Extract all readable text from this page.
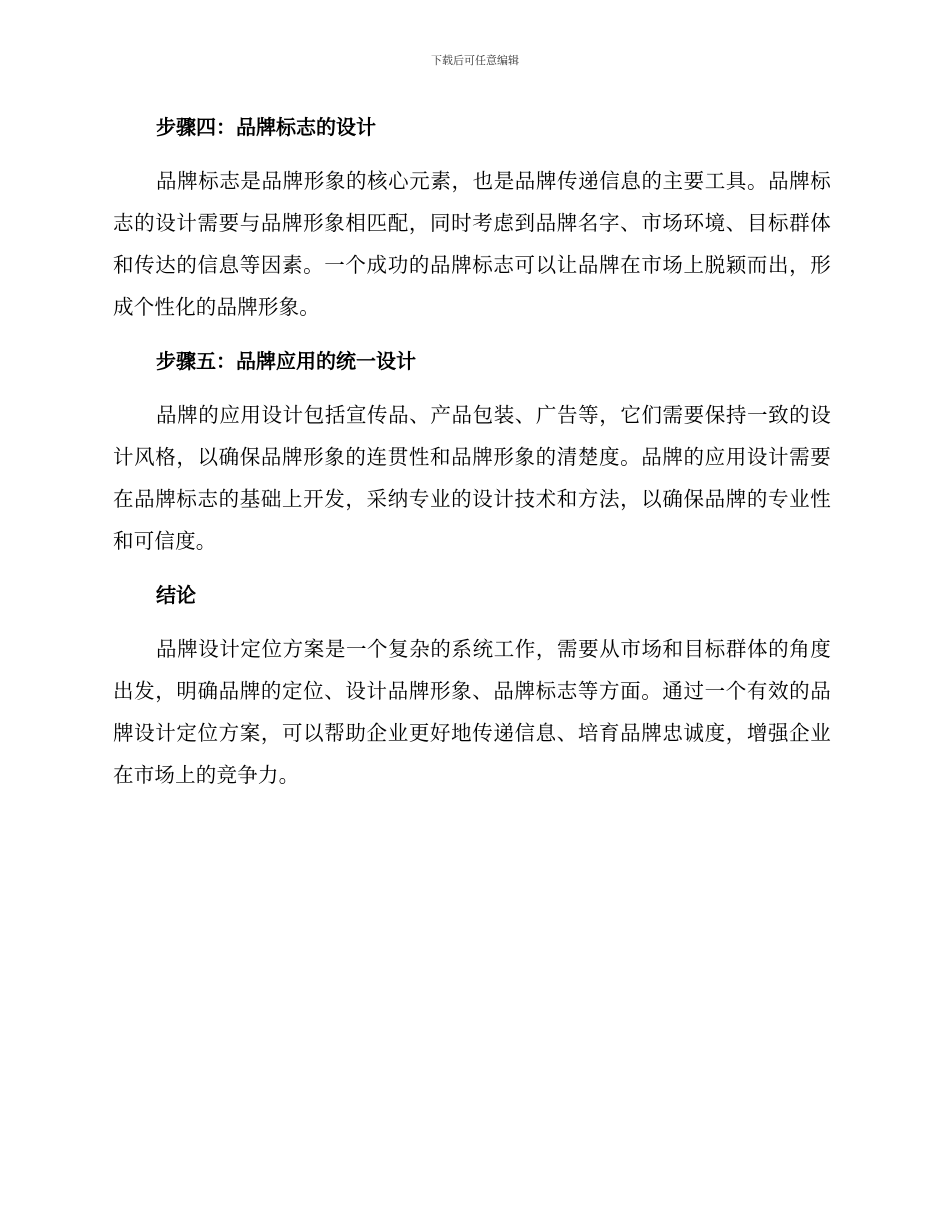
下载后可任意编辑
步骤四：品牌标志的设计

品牌标志是品牌形象的核心元素，也是品牌传递信息的主要工具。品牌标志的设计需要与品牌形象相匹配，同时考虑到品牌名字、市场环境、目标群体和传达的信息等因素。一个成功的品牌标志可以让品牌在市场上脱颖而出，形成个性化的品牌形象。

步骤五：品牌应用的统一设计

品牌的应用设计包括宣传品、产品包装、广告等，它们需要保持一致的设计风格，以确保品牌形象的连贯性和品牌形象的清楚度。品牌的应用设计需要在品牌标志的基础上开发，采纳专业的设计技术和方法，以确保品牌的专业性和可信度。

结论

品牌设计定位方案是一个复杂的系统工作，需要从市场和目标群体的角度出发，明确品牌的定位、设计品牌形象、品牌标志等方面。通过一个有效的品牌设计定位方案，可以帮助企业更好地传递信息、培育品牌忠诚度，增强企业在市场上的竞争力。
